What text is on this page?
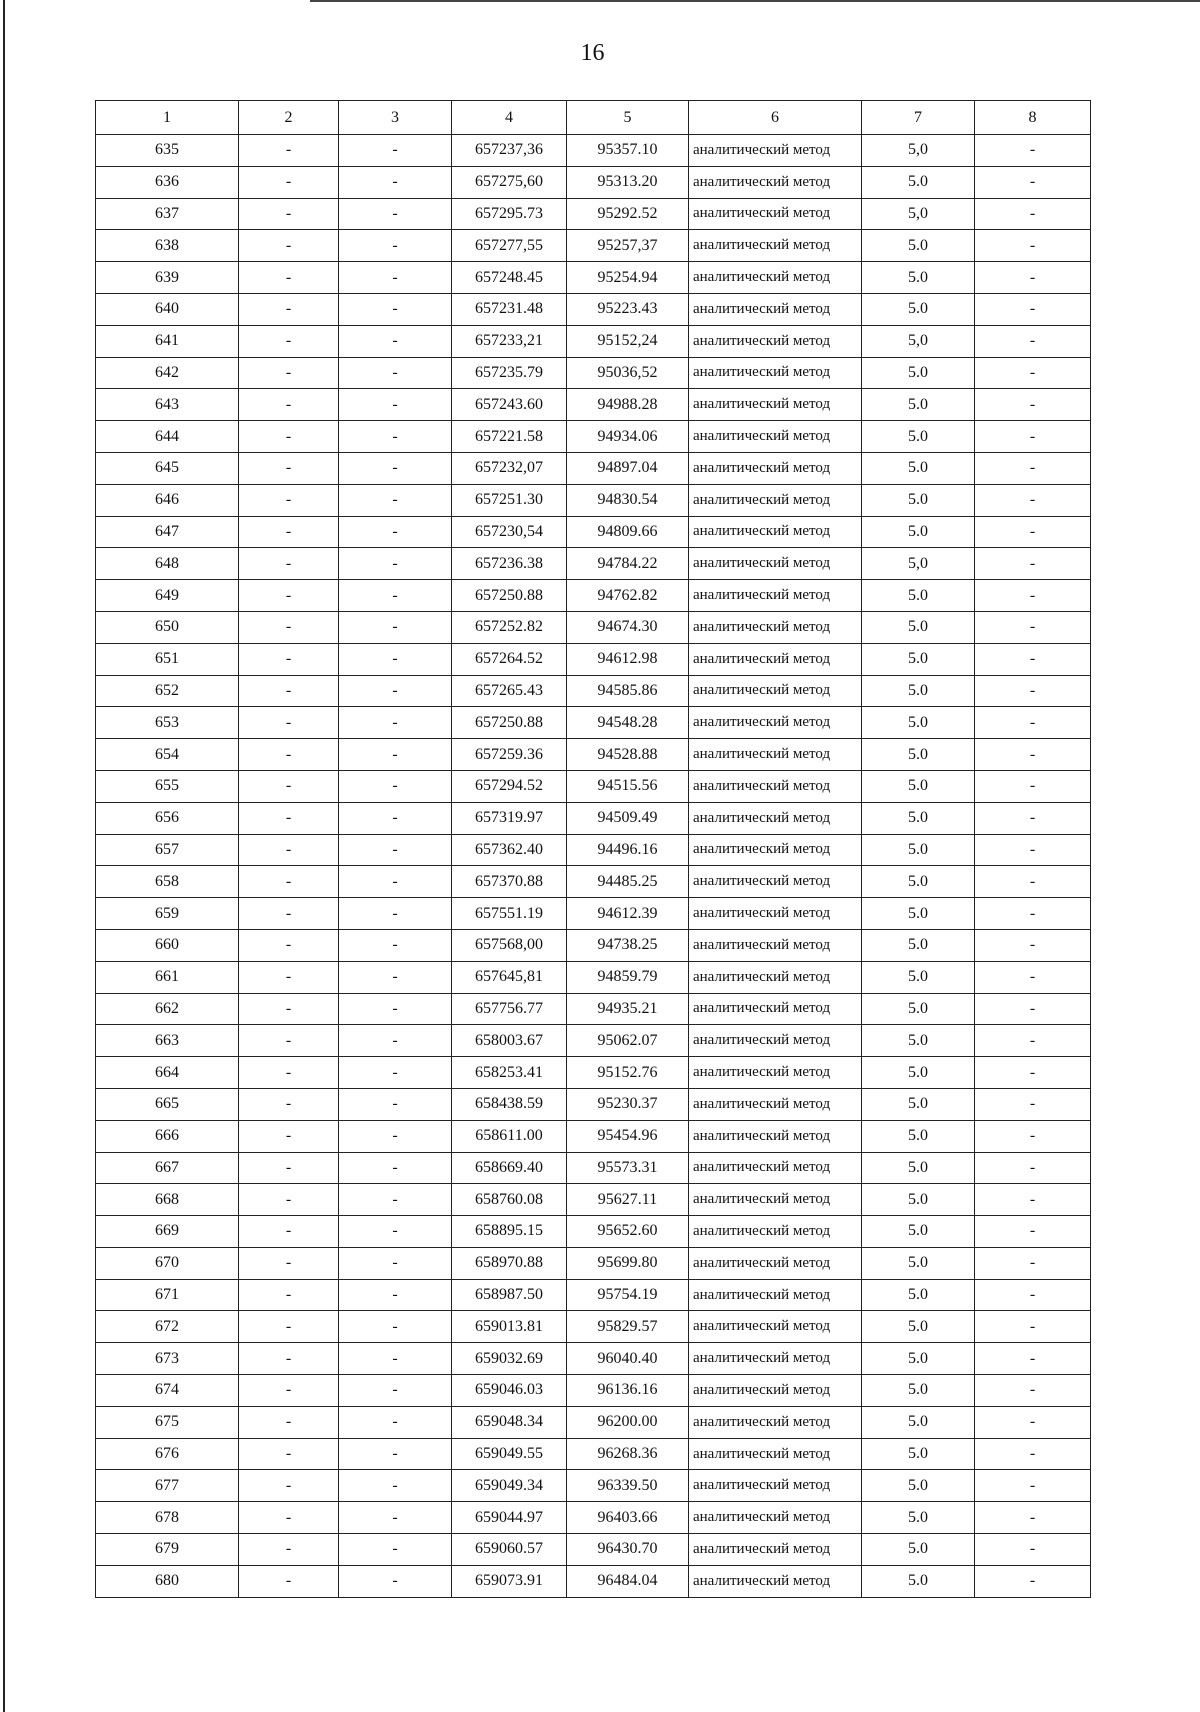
16
1	2	3	4	5	6	7	8
635	-	-	657237,36	95357.10	аналитический метод	5,0	-
636	-	-	657275,60	95313.20	аналитический метод	5.0	-
637	-	-	657295.73	95292.52	аналитический метод	5,0	-
638	-	-	657277,55	95257,37	аналитический метод	5.0	-
639	-	-	657248.45	95254.94	аналитический метод	5.0	-
640	-	-	657231.48	95223.43	аналитический метод	5.0	-
641	-	-	657233,21	95152,24	аналитический метод	5,0	-
642	-	-	657235.79	95036,52	аналитический метод	5.0	-
643	-	-	657243.60	94988.28	аналитический метод	5.0	-
644	-	-	657221.58	94934.06	аналитический метод	5.0	-
645	-	-	657232,07	94897.04	аналитический метод	5.0	-
646	-	-	657251.30	94830.54	аналитический метод	5.0	-
647	-	-	657230,54	94809.66	аналитический метод	5.0	-
648	-	-	657236.38	94784.22	аналитический метод	5,0	-
649	-	-	657250.88	94762.82	аналитический метод	5.0	-
650	-	-	657252.82	94674.30	аналитический метод	5.0	-
651	-	-	657264.52	94612.98	аналитический метод	5.0	-
652	-	-	657265.43	94585.86	аналитический метод	5.0	-
653	-	-	657250.88	94548.28	аналитический метод	5.0	-
654	-	-	657259.36	94528.88	аналитический метод	5.0	-
655	-	-	657294.52	94515.56	аналитический метод	5.0	-
656	-	-	657319.97	94509.49	аналитический метод	5.0	-
657	-	-	657362.40	94496.16	аналитический метод	5.0	-
658	-	-	657370.88	94485.25	аналитический метод	5.0	-
659	-	-	657551.19	94612.39	аналитический метод	5.0	-
660	-	-	657568,00	94738.25	аналитический метод	5.0	-
661	-	-	657645,81	94859.79	аналитический метод	5.0	-
662	-	-	657756.77	94935.21	аналитический метод	5.0	-
663	-	-	658003.67	95062.07	аналитический метод	5.0	-
664	-	-	658253.41	95152.76	аналитический метод	5.0	-
665	-	-	658438.59	95230.37	аналитический метод	5.0	-
666	-	-	658611.00	95454.96	аналитический метод	5.0	-
667	-	-	658669.40	95573.31	аналитический метод	5.0	-
668	-	-	658760.08	95627.11	аналитический метод	5.0	-
669	-	-	658895.15	95652.60	аналитический метод	5.0	-
670	-	-	658970.88	95699.80	аналитический метод	5.0	-
671	-	-	658987.50	95754.19	аналитический метод	5.0	-
672	-	-	659013.81	95829.57	аналитический метод	5.0	-
673	-	-	659032.69	96040.40	аналитический метод	5.0	-
674	-	-	659046.03	96136.16	аналитический метод	5.0	-
675	-	-	659048.34	96200.00	аналитический метод	5.0	-
676	-	-	659049.55	96268.36	аналитический метод	5.0	-
677	-	-	659049.34	96339.50	аналитический метод	5.0	-
678	-	-	659044.97	96403.66	аналитический метод	5.0	-
679	-	-	659060.57	96430.70	аналитический метод	5.0	-
680	-	-	659073.91	96484.04	аналитический метод	5.0	-
